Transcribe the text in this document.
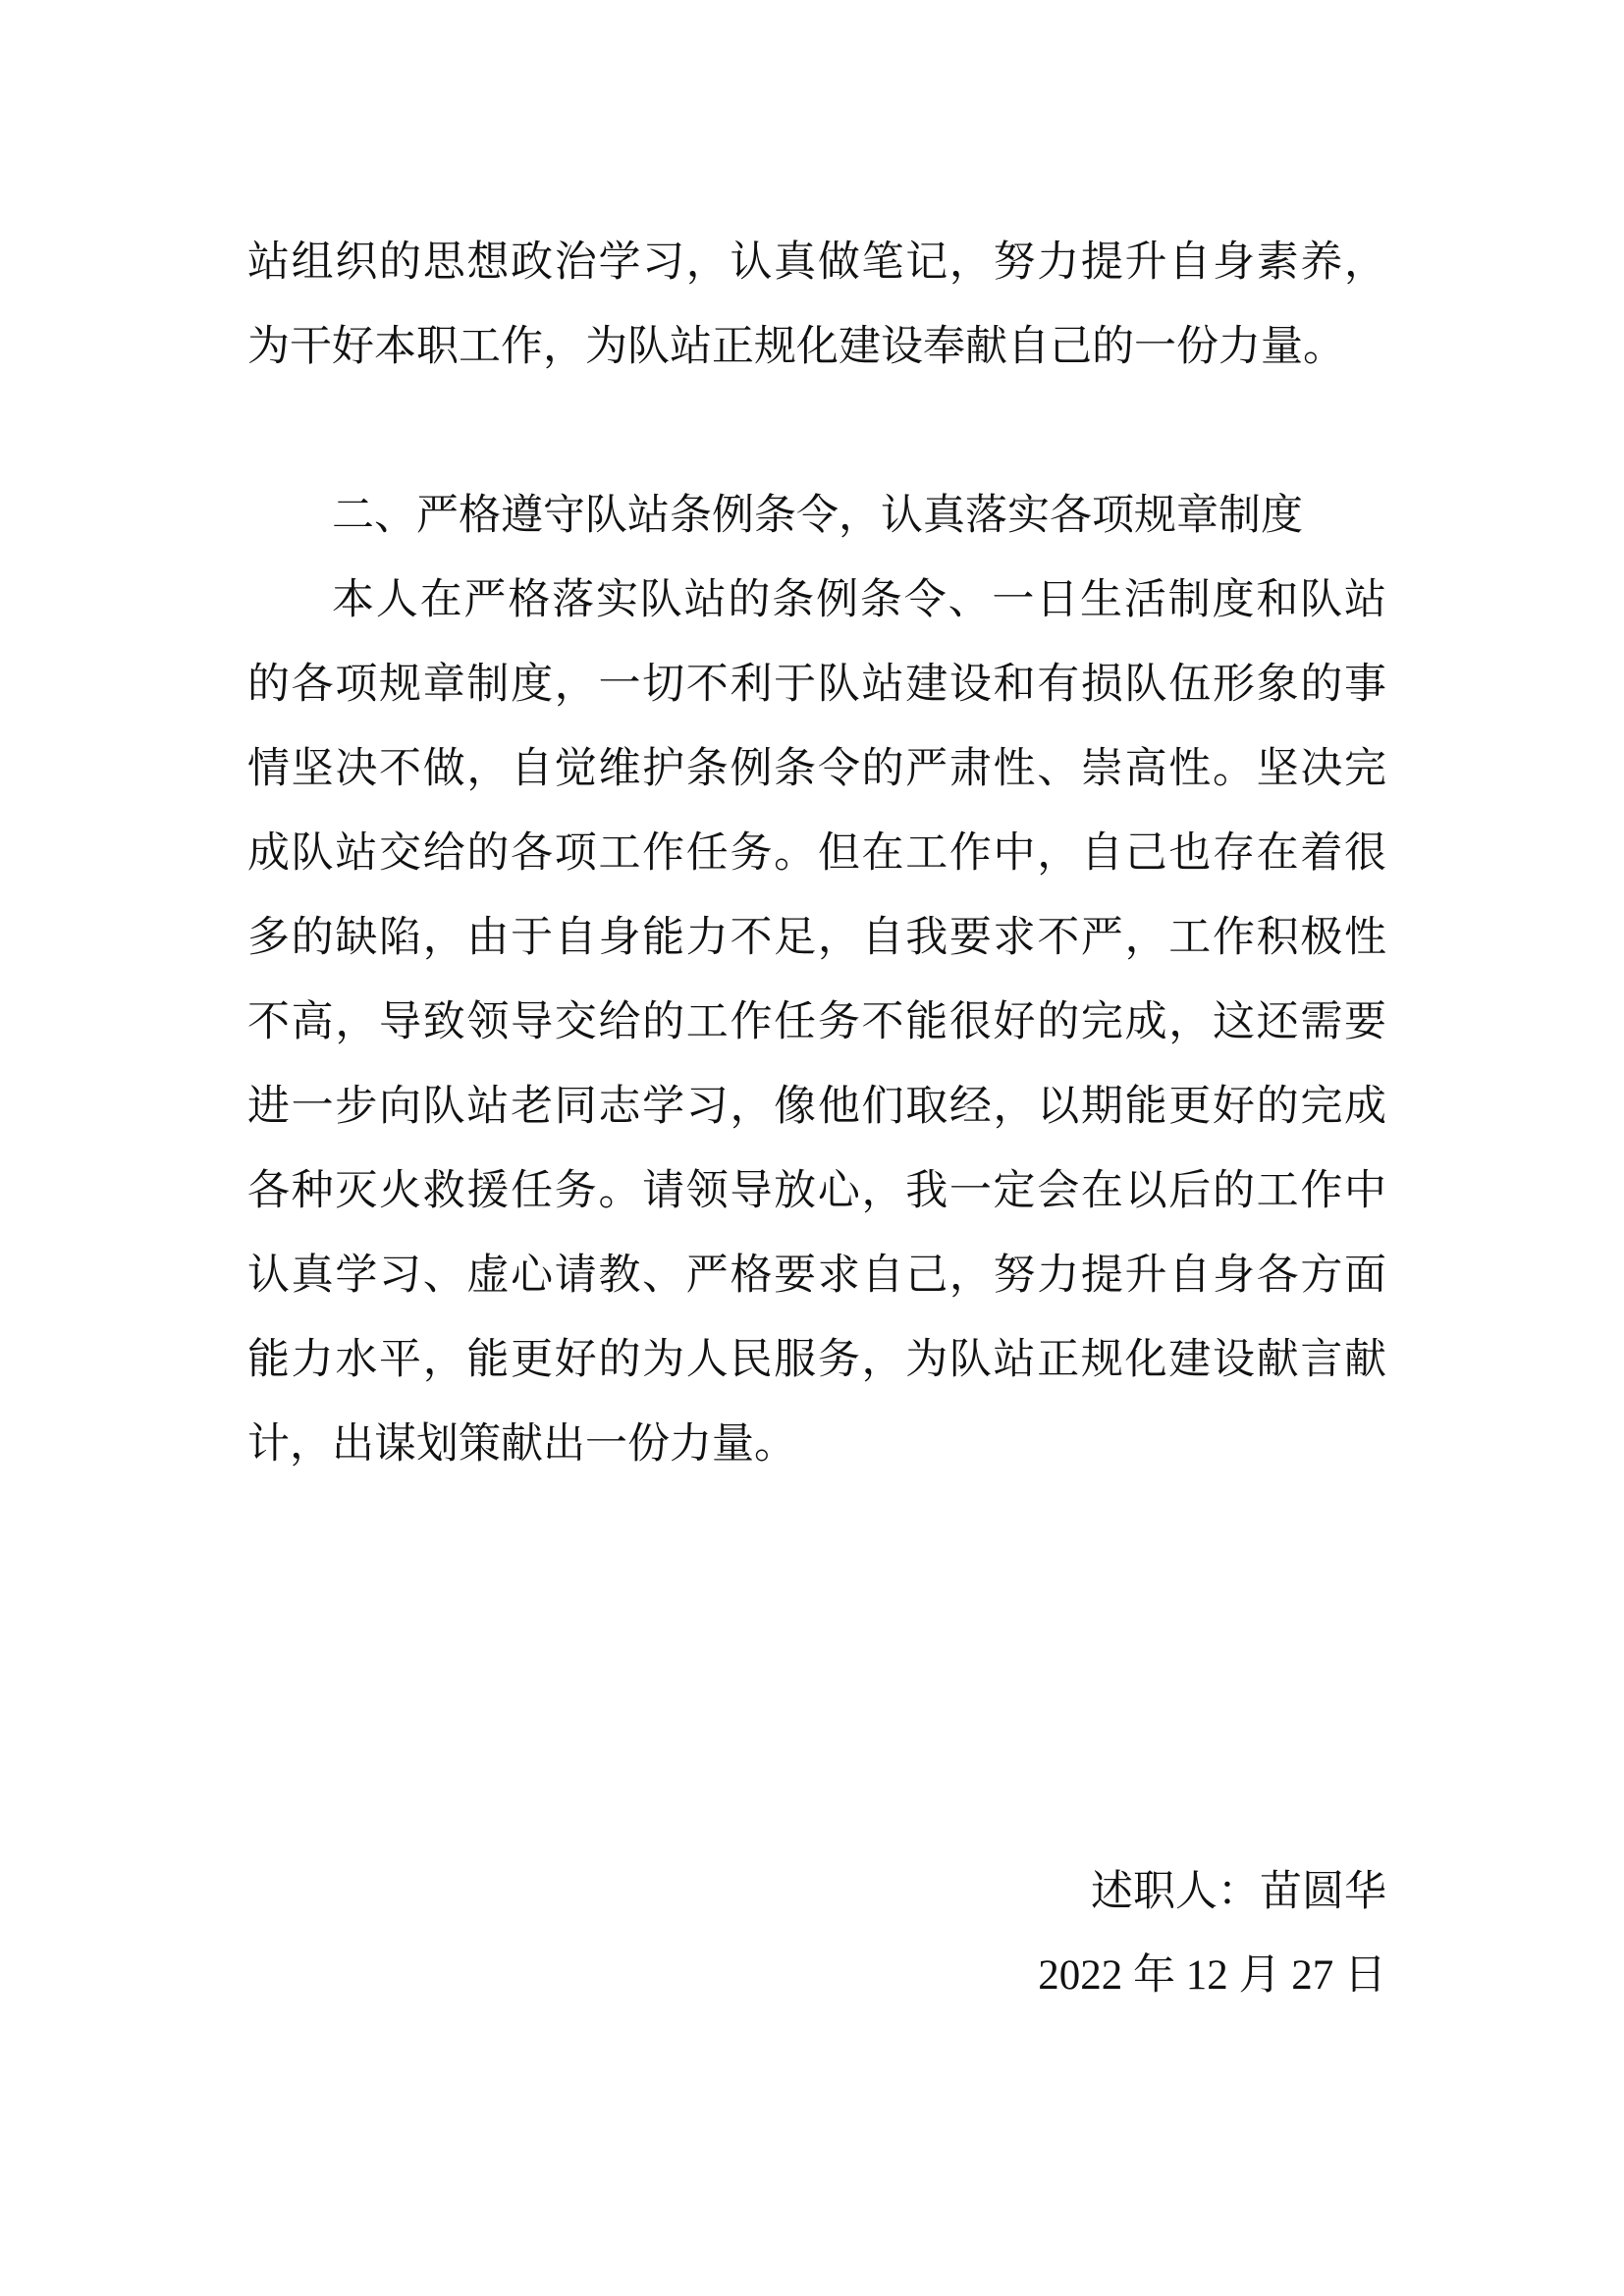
站组织的思想政治学习，认真做笔记，努力提升自身素养，为干好本职工作，为队站正规化建设奉献自己的一份力量。

二、严格遵守队站条例条令，认真落实各项规章制度

本人在严格落实队站的条例条令、一日生活制度和队站的各项规章制度，一切不利于队站建设和有损队伍形象的事情坚决不做，自觉维护条例条令的严肃性、崇高性。坚决完成队站交给的各项工作任务。但在工作中，自己也存在着很多的缺陷，由于自身能力不足，自我要求不严，工作积极性不高，导致领导交给的工作任务不能很好的完成，这还需要进一步向队站老同志学习，像他们取经，以期能更好的完成各种灭火救援任务。请领导放心，我一定会在以后的工作中认真学习、虚心请教、严格要求自己，努力提升自身各方面能力水平，能更好的为人民服务，为队站正规化建设献言献计，出谋划策献出一份力量。

述职人：苗圆华
2022 年 12 月 27 日
